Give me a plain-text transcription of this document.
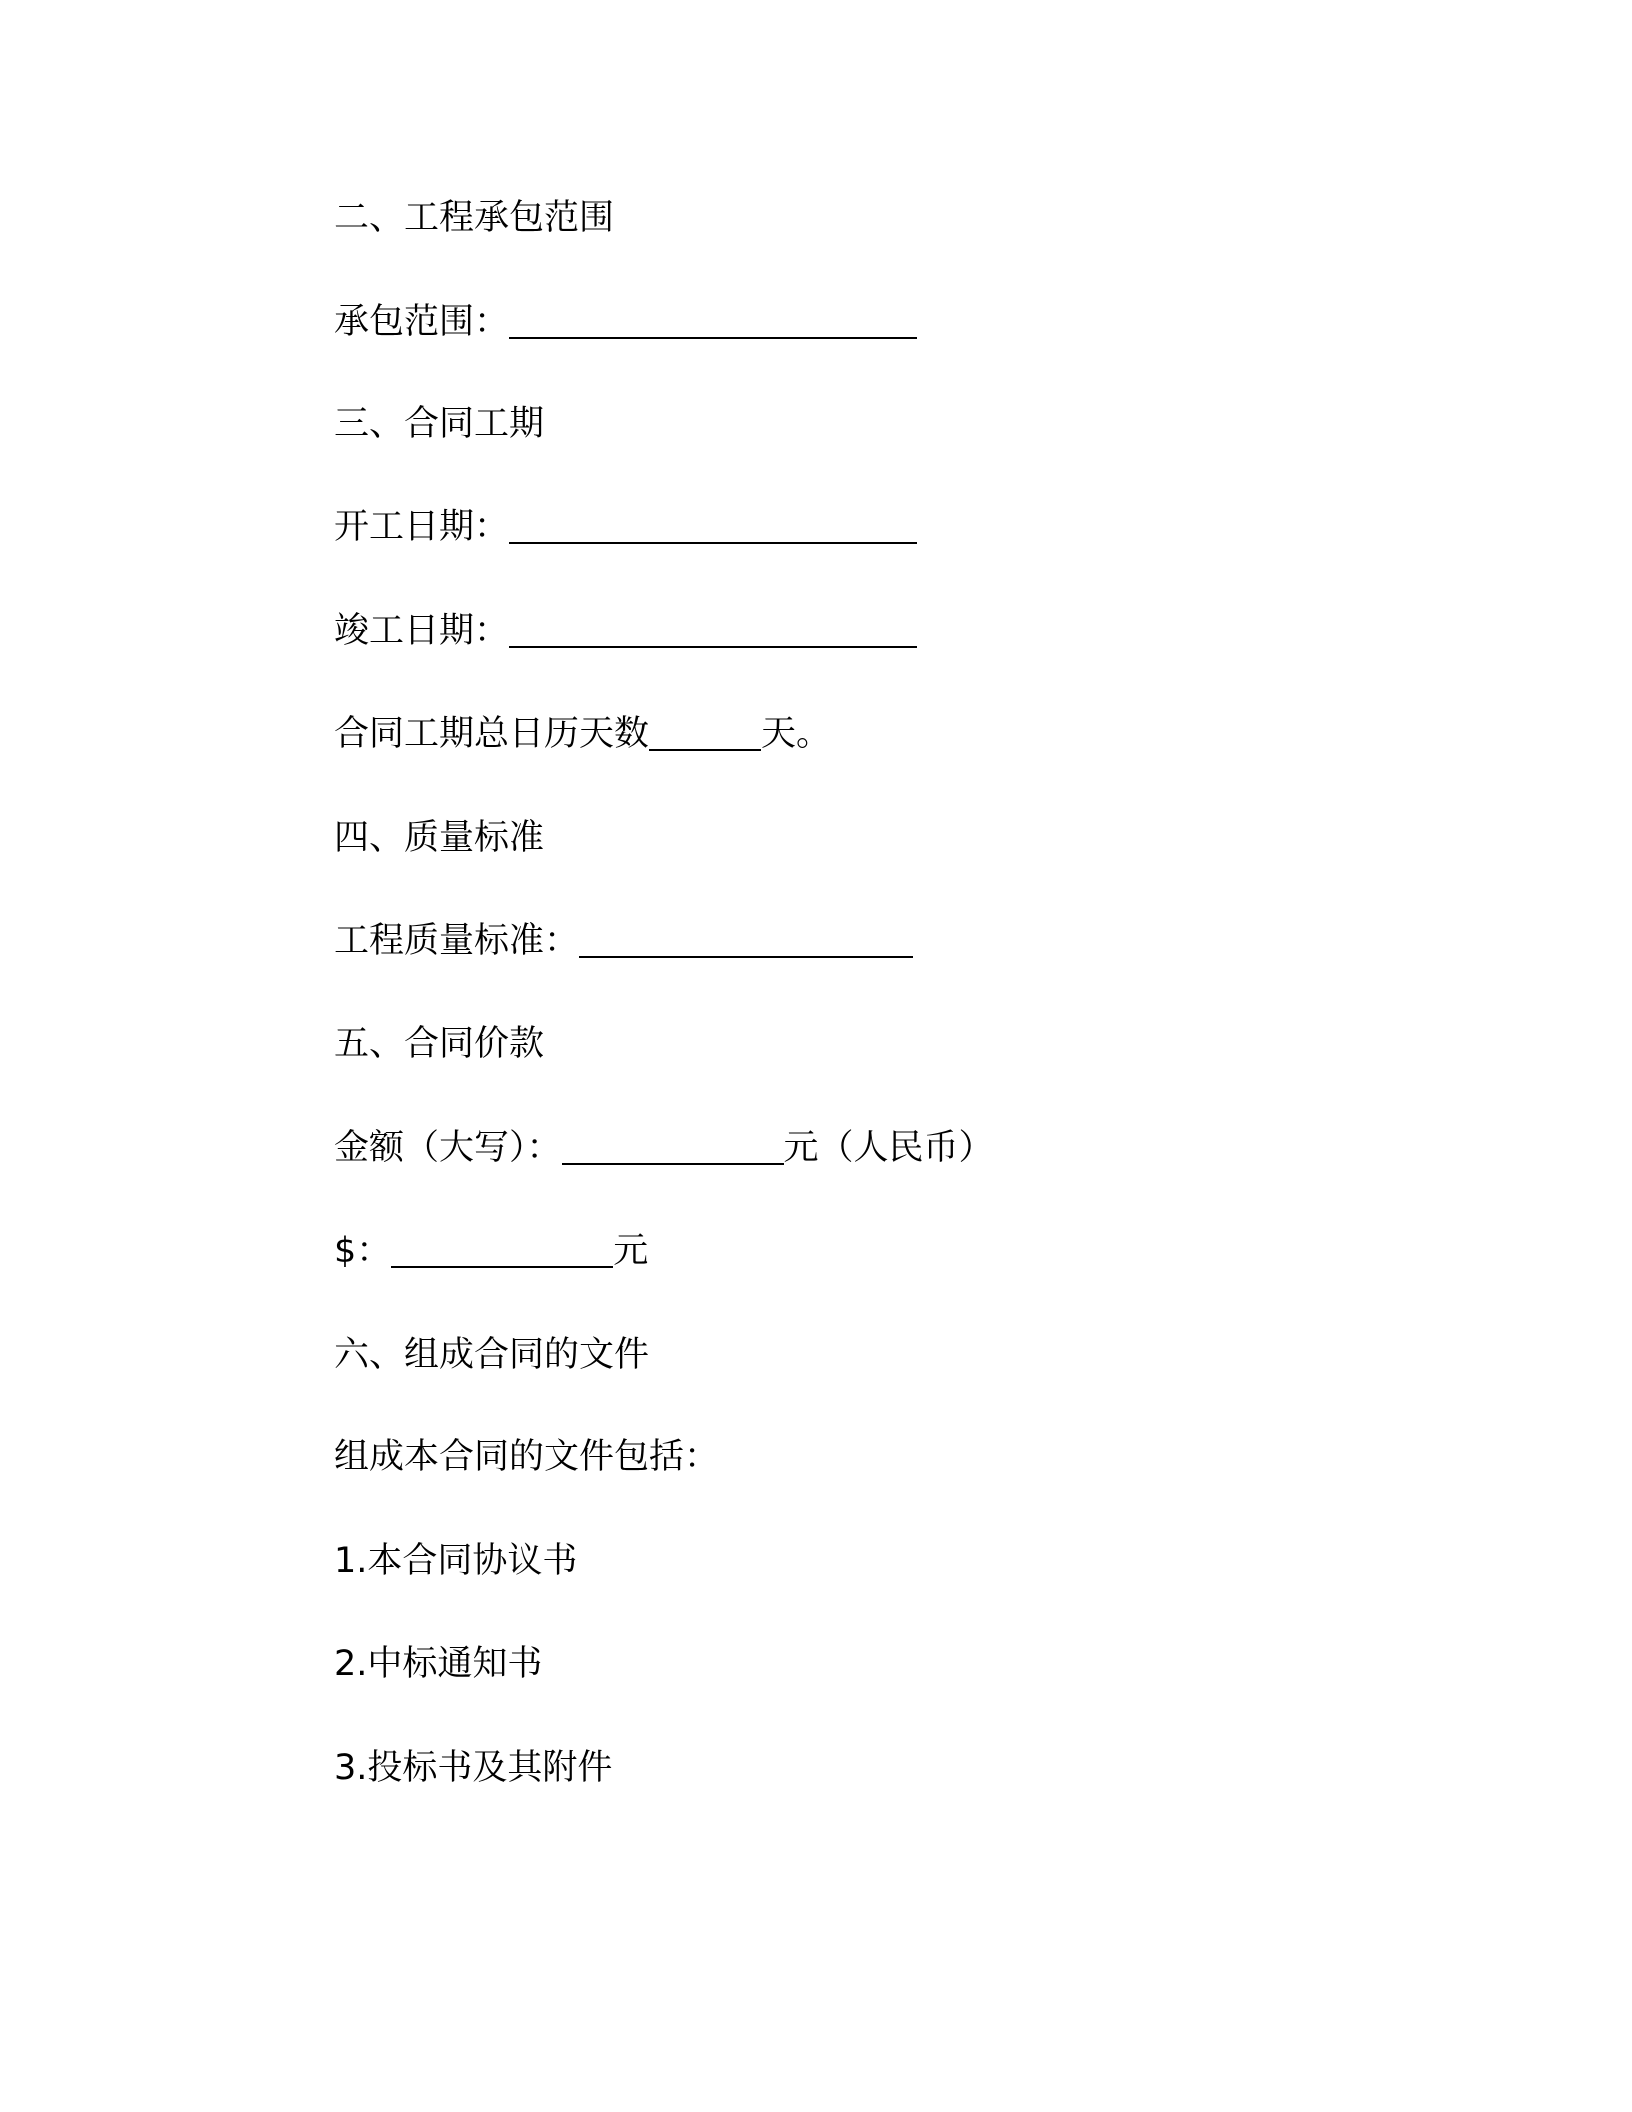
二、工程承包范围
承包范围：
三、合同工期
开工日期：
竣工日期：
合同工期总日历天数	天。
四、质量标准
工程质量标准：
五、合同价款
金额（大写）：	元（人民币）
$：	元
六、组成合同的文件
组成本合同的文件包括：
1.本合同协议书
2.中标通知书
3.投标书及其附件
